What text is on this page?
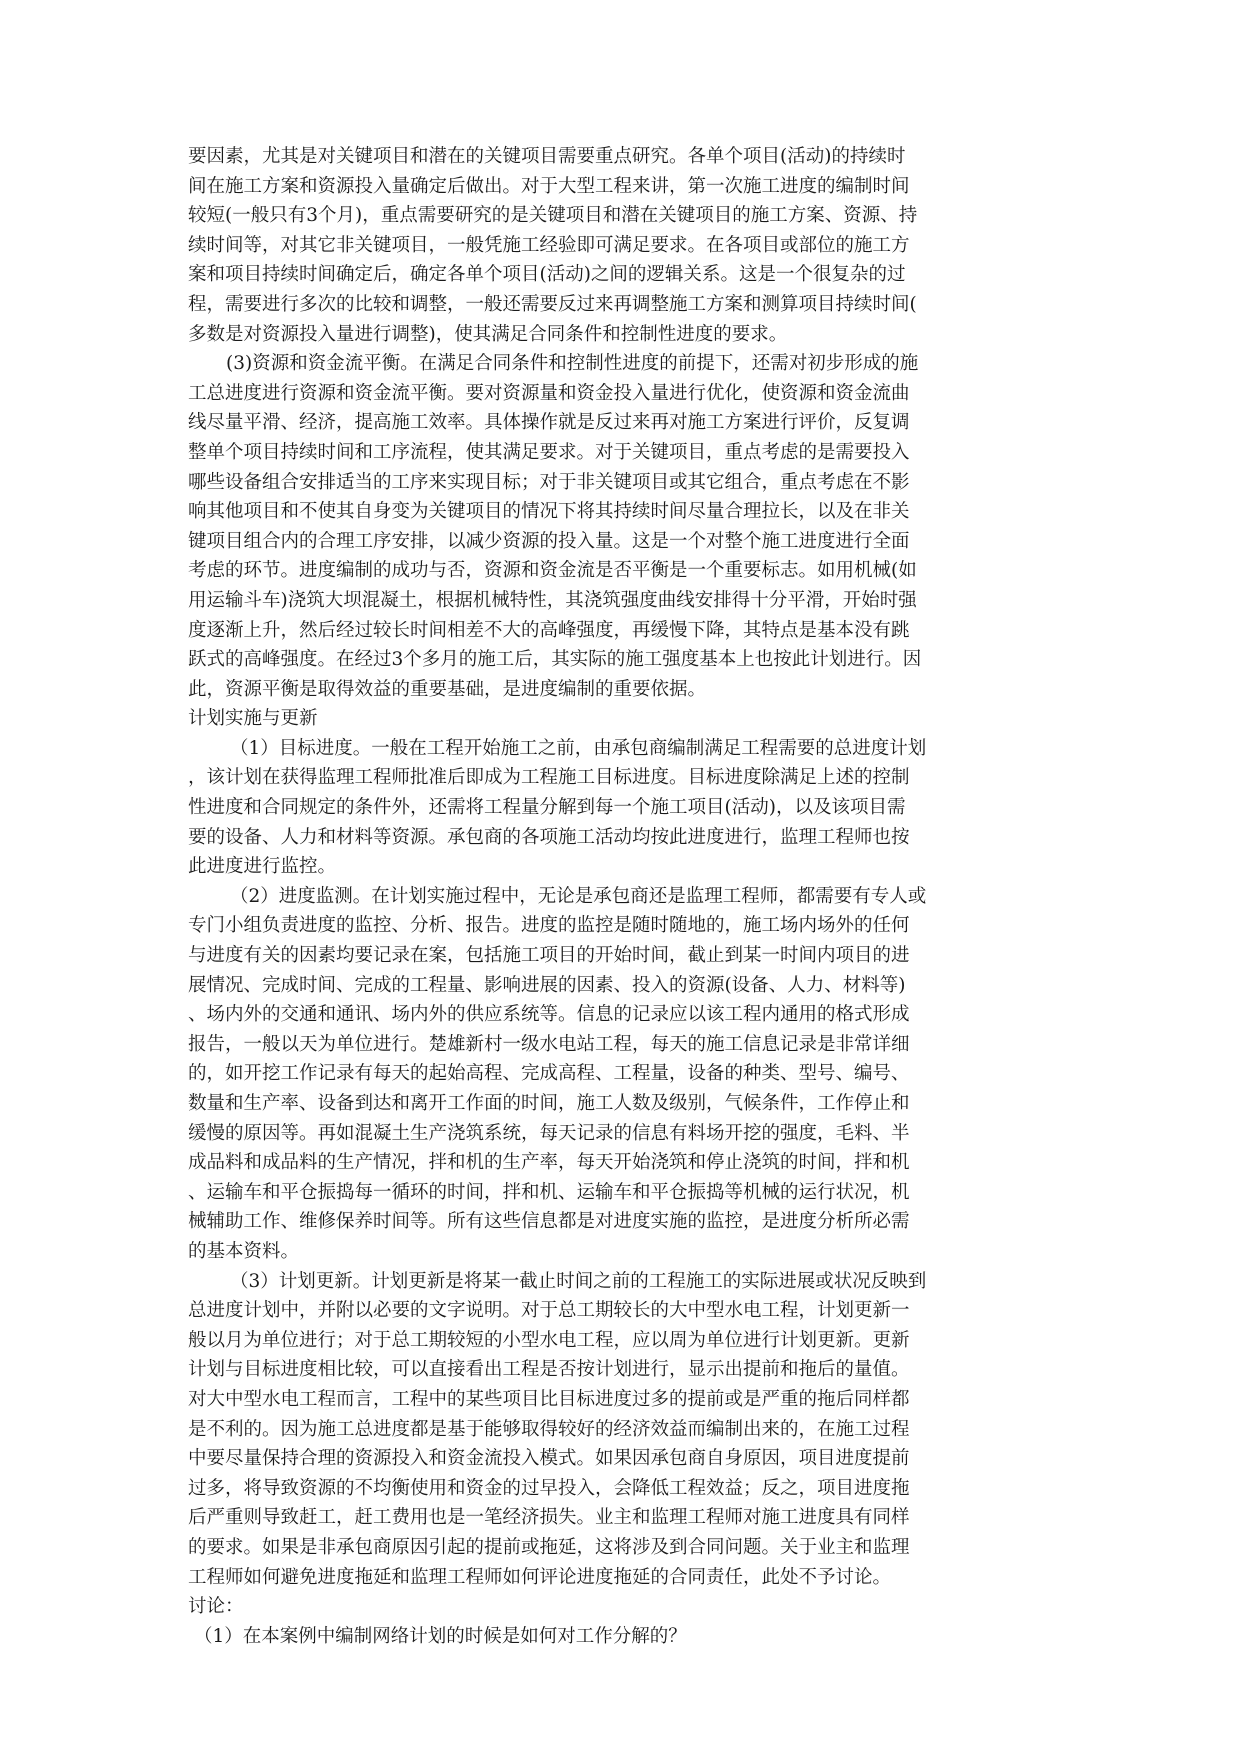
要因素，尤其是对关键项目和潜在的关键项目需要重点研究。各单个项目(活动)的持续时
间在施工方案和资源投入量确定后做出。对于大型工程来讲，第一次施工进度的编制时间
较短(一般只有3个月)，重点需要研究的是关键项目和潜在关键项目的施工方案、资源、持
续时间等，对其它非关键项目，一般凭施工经验即可满足要求。在各项目或部位的施工方
案和项目持续时间确定后，确定各单个项目(活动)之间的逻辑关系。这是一个很复杂的过
程，需要进行多次的比较和调整，一般还需要反过来再调整施工方案和测算项目持续时间(
多数是对资源投入量进行调整)，使其满足合同条件和控制性进度的要求。
(3)资源和资金流平衡。在满足合同条件和控制性进度的前提下，还需对初步形成的施
工总进度进行资源和资金流平衡。要对资源量和资金投入量进行优化，使资源和资金流曲
线尽量平滑、经济，提高施工效率。具体操作就是反过来再对施工方案进行评价，反复调
整单个项目持续时间和工序流程，使其满足要求。对于关键项目，重点考虑的是需要投入
哪些设备组合安排适当的工序来实现目标；对于非关键项目或其它组合，重点考虑在不影
响其他项目和不使其自身变为关键项目的情况下将其持续时间尽量合理拉长，以及在非关
键项目组合内的合理工序安排，以减少资源的投入量。这是一个对整个施工进度进行全面
考虑的环节。进度编制的成功与否，资源和资金流是否平衡是一个重要标志。如用机械(如
用运输斗车)浇筑大坝混凝土，根据机械特性，其浇筑强度曲线安排得十分平滑，开始时强
度逐渐上升，然后经过较长时间相差不大的高峰强度，再缓慢下降，其特点是基本没有跳
跃式的高峰强度。在经过3个多月的施工后，其实际的施工强度基本上也按此计划进行。因
此，资源平衡是取得效益的重要基础，是进度编制的重要依据。
计划实施与更新
（1）目标进度。一般在工程开始施工之前，由承包商编制满足工程需要的总进度计划
，该计划在获得监理工程师批准后即成为工程施工目标进度。目标进度除满足上述的控制
性进度和合同规定的条件外，还需将工程量分解到每一个施工项目(活动)，以及该项目需
要的设备、人力和材料等资源。承包商的各项施工活动均按此进度进行，监理工程师也按
此进度进行监控。
（2）进度监测。在计划实施过程中，无论是承包商还是监理工程师，都需要有专人或
专门小组负责进度的监控、分析、报告。进度的监控是随时随地的，施工场内场外的任何
与进度有关的因素均要记录在案，包括施工项目的开始时间，截止到某一时间内项目的进
展情况、完成时间、完成的工程量、影响进展的因素、投入的资源(设备、人力、材料等)
、场内外的交通和通讯、场内外的供应系统等。信息的记录应以该工程内通用的格式形成
报告，一般以天为单位进行。楚雄新村一级水电站工程，每天的施工信息记录是非常详细
的，如开挖工作记录有每天的起始高程、完成高程、工程量，设备的种类、型号、编号、
数量和生产率、设备到达和离开工作面的时间，施工人数及级别，气候条件，工作停止和
缓慢的原因等。再如混凝土生产浇筑系统，每天记录的信息有料场开挖的强度，毛料、半
成品料和成品料的生产情况，拌和机的生产率，每天开始浇筑和停止浇筑的时间，拌和机
、运输车和平仓振捣每一循环的时间，拌和机、运输车和平仓振捣等机械的运行状况，机
械辅助工作、维修保养时间等。所有这些信息都是对进度实施的监控，是进度分析所必需
的基本资料。
（3）计划更新。计划更新是将某一截止时间之前的工程施工的实际进展或状况反映到
总进度计划中，并附以必要的文字说明。对于总工期较长的大中型水电工程，计划更新一
般以月为单位进行；对于总工期较短的小型水电工程，应以周为单位进行计划更新。更新
计划与目标进度相比较，可以直接看出工程是否按计划进行，显示出提前和拖后的量值。
对大中型水电工程而言，工程中的某些项目比目标进度过多的提前或是严重的拖后同样都
是不利的。因为施工总进度都是基于能够取得较好的经济效益而编制出来的，在施工过程
中要尽量保持合理的资源投入和资金流投入模式。如果因承包商自身原因，项目进度提前
过多，将导致资源的不均衡使用和资金的过早投入，会降低工程效益；反之，项目进度拖
后严重则导致赶工，赶工费用也是一笔经济损失。业主和监理工程师对施工进度具有同样
的要求。如果是非承包商原因引起的提前或拖延，这将涉及到合同问题。关于业主和监理
工程师如何避免进度拖延和监理工程师如何评论进度拖延的合同责任，此处不予讨论。
讨论：
（1）在本案例中编制网络计划的时候是如何对工作分解的？
